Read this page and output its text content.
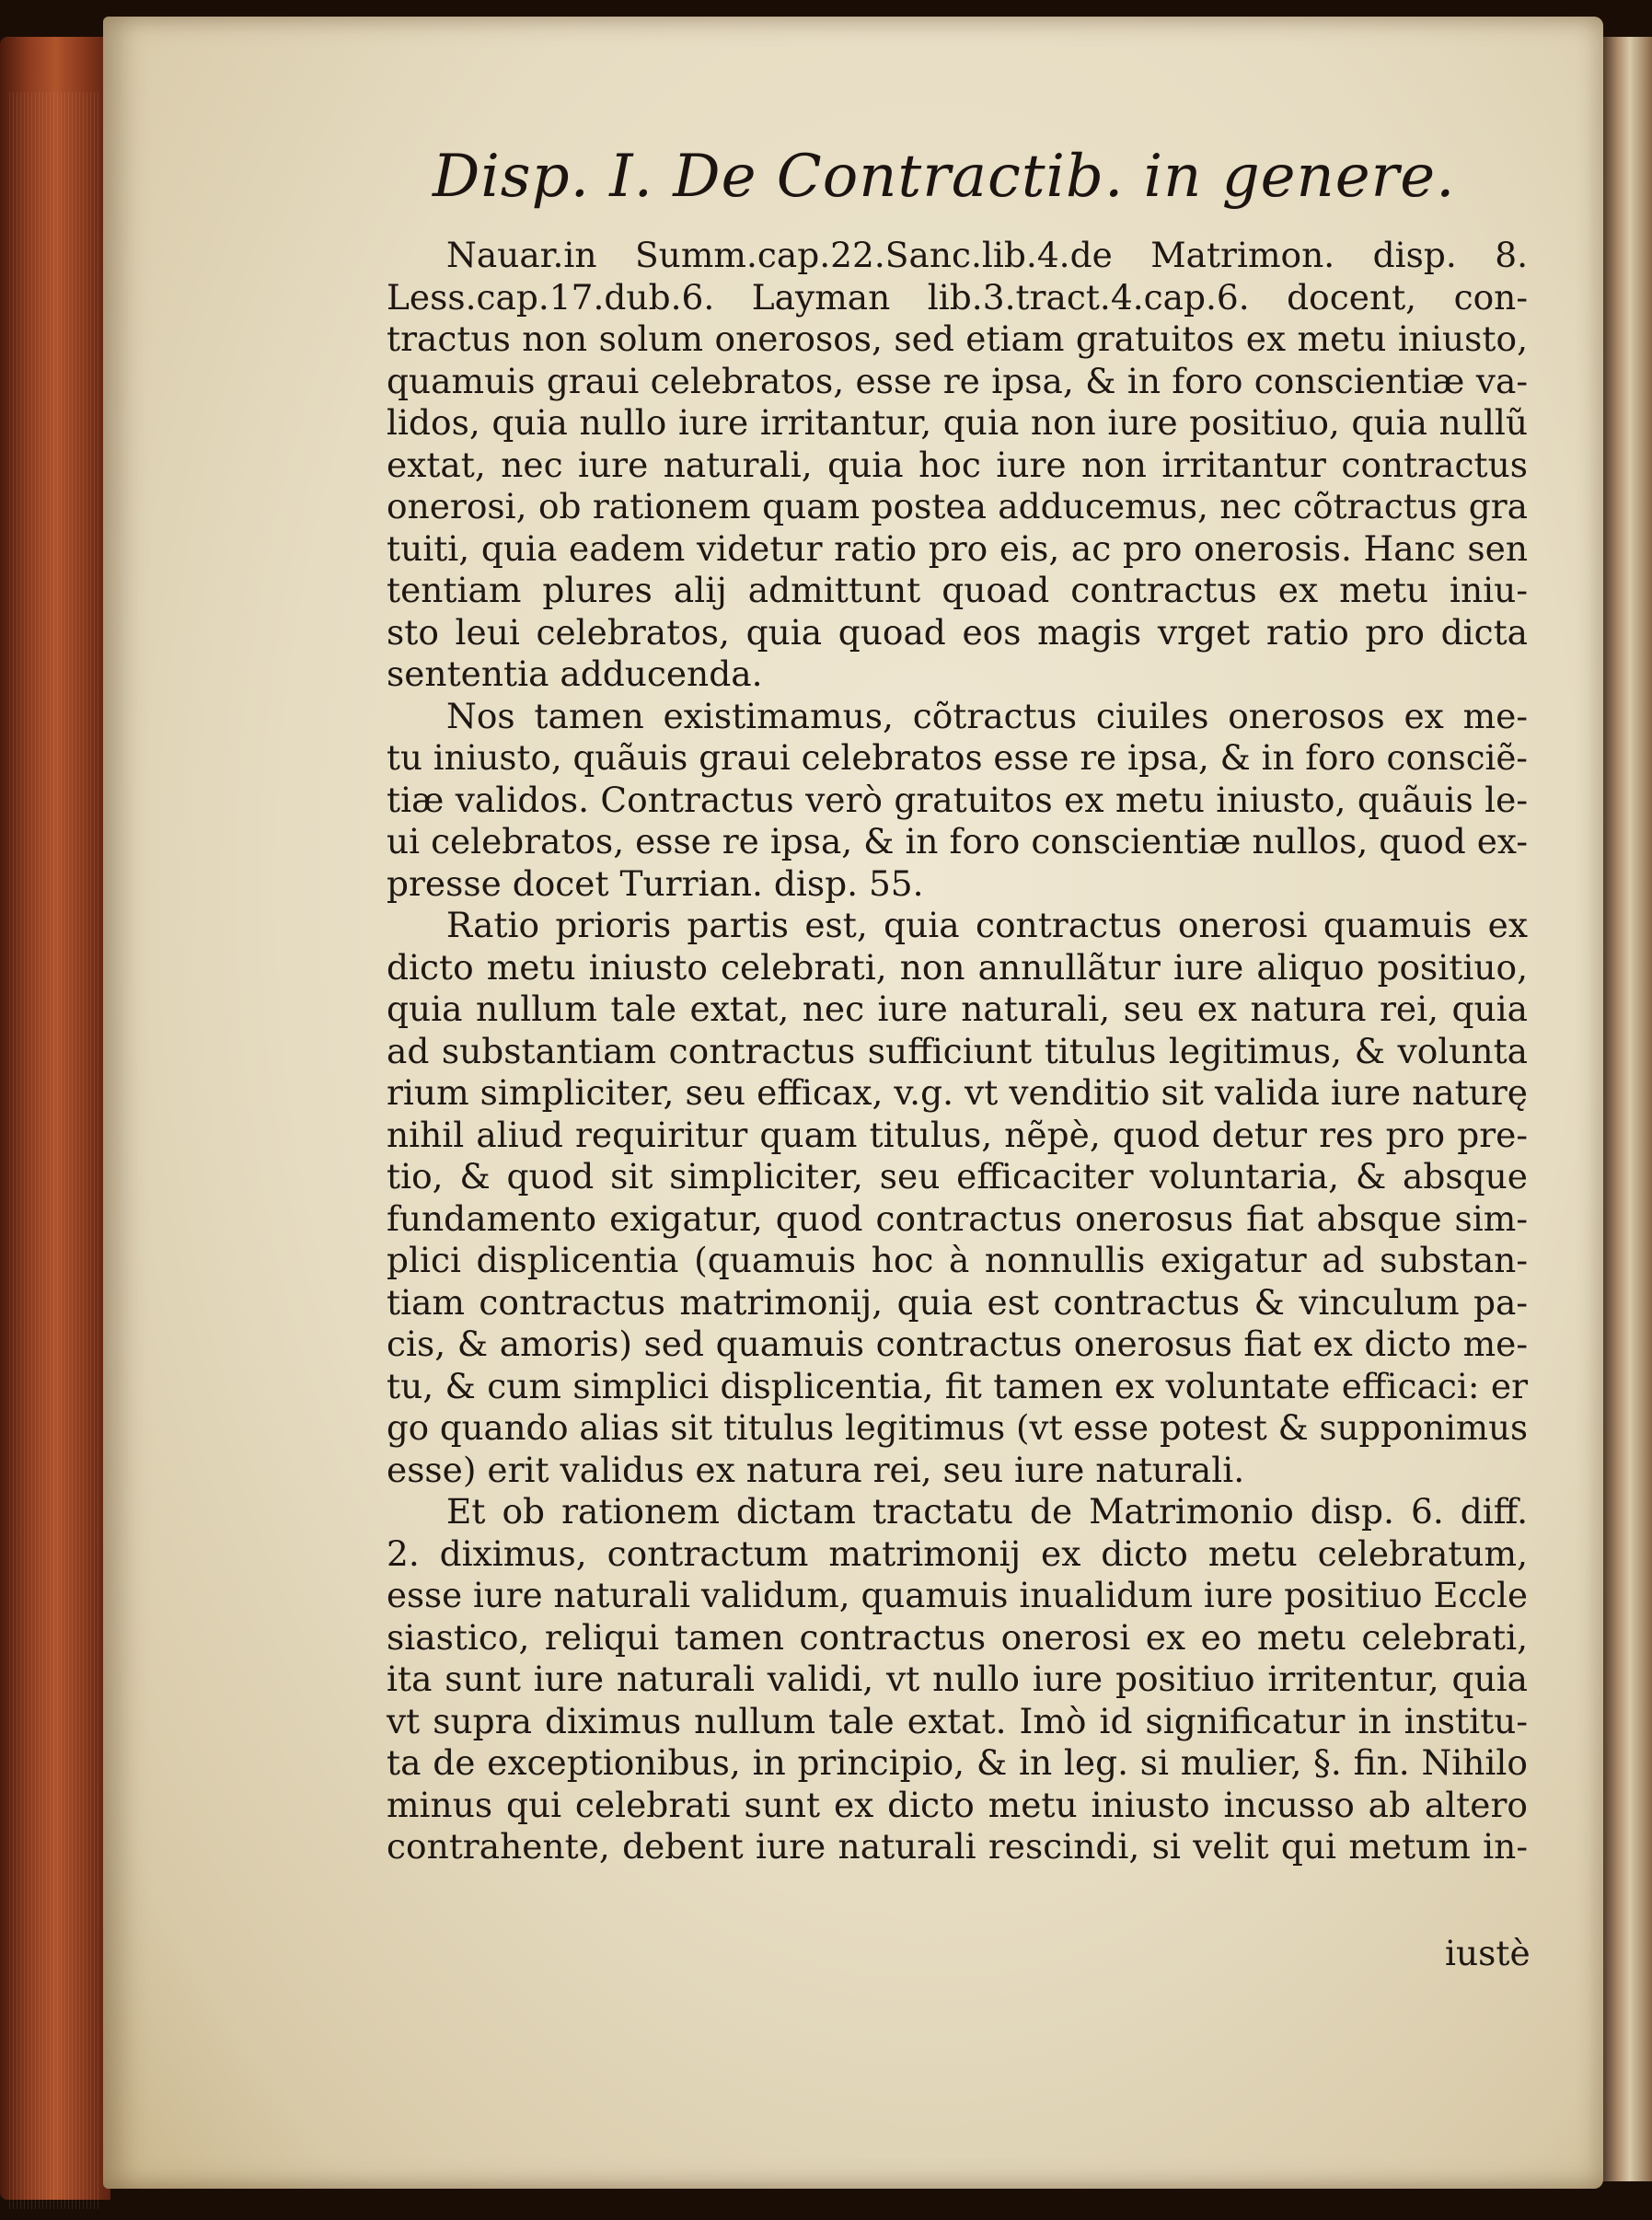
Disp. I. De Contractib. in genere.
Nauar.in Summ.cap.22.Sanc.lib.4.de Matrimon. disp. 8.
Less.cap.17.dub.6. Layman lib.3.tract.4.cap.6. docent, con-
tractus non solum onerosos, sed etiam gratuitos ex metu iniusto,
quamuis graui celebratos, esse re ipsa, & in foro conscientiæ va-
lidos, quia nullo iure irritantur, quia non iure positiuo, quia nullũ
extat, nec iure naturali, quia hoc iure non irritantur contractus
onerosi, ob rationem quam postea adducemus, nec cõtractus gra
tuiti, quia eadem videtur ratio pro eis, ac pro onerosis. Hanc sen
tentiam plures alij admittunt quoad contractus ex metu iniu-
sto leui celebratos, quia quoad eos magis vrget ratio pro dicta
sententia adducenda.
Nos tamen existimamus, cõtractus ciuiles onerosos ex me-
tu iniusto, quãuis graui celebratos esse re ipsa, & in foro consciẽ-
tiæ validos. Contractus verò gratuitos ex metu iniusto, quãuis le-
ui celebratos, esse re ipsa, & in foro conscientiæ nullos, quod ex-
presse docet Turrian. disp. 55.
Ratio prioris partis est, quia contractus onerosi quamuis ex
dicto metu iniusto celebrati, non annullãtur iure aliquo positiuo,
quia nullum tale extat, nec iure naturali, seu ex natura rei, quia
ad substantiam contractus sufficiunt titulus legitimus, & volunta
rium simpliciter, seu efficax, v.g. vt venditio sit valida iure naturę
nihil aliud requiritur quam titulus, nẽpè, quod detur res pro pre-
tio, & quod sit simpliciter, seu efficaciter voluntaria, & absque
fundamento exigatur, quod contractus onerosus fiat absque sim-
plici displicentia (quamuis hoc à nonnullis exigatur ad substan-
tiam contractus matrimonij, quia est contractus & vinculum pa-
cis, & amoris) sed quamuis contractus onerosus fiat ex dicto me-
tu, & cum simplici displicentia, fit tamen ex voluntate efficaci: er
go quando alias sit titulus legitimus (vt esse potest & supponimus
esse) erit validus ex natura rei, seu iure naturali.
Et ob rationem dictam tractatu de Matrimonio disp. 6. diff.
2. diximus, contractum matrimonij ex dicto metu celebratum,
esse iure naturali validum, quamuis inualidum iure positiuo Eccle
siastico, reliqui tamen contractus onerosi ex eo metu celebrati,
ita sunt iure naturali validi, vt nullo iure positiuo irritentur, quia
vt supra diximus nullum tale extat. Imò id significatur in institu-
ta de exceptionibus, in principio, & in leg. si mulier, §. fin. Nihilo
minus qui celebrati sunt ex dicto metu iniusto incusso ab altero
contrahente, debent iure naturali rescindi, si velit qui metum in-
iustè
